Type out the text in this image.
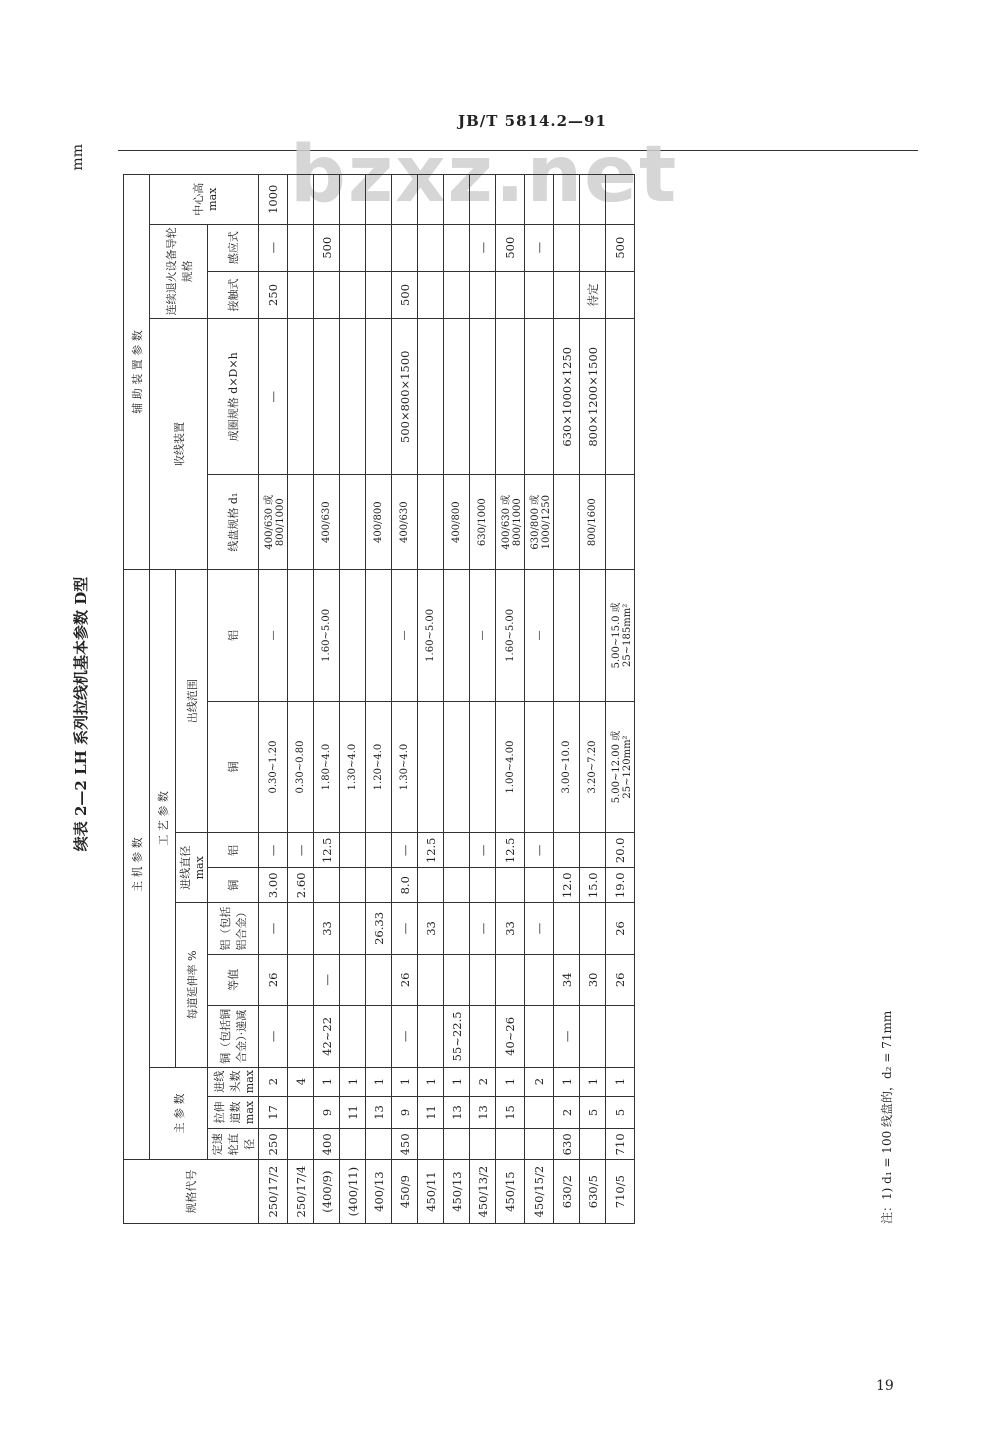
JB/T 5814.2—91
bzxz.net
续表 2—2 LH 系列拉线机基本参数 D型
mm
规格代号	主 机 参 数										辅 助 装 置 参 数				
	主 参 数			工 艺 参 数							收线装置		连续退火设备导轮规格		中心高 max
				每道延伸率 %			进线直径max		出线范围						
	定速轮直径	拉伸道数max	进线头数max	铜（包括铜合金）·递减	等值	铝（包括铝合金）	铜	铝	铜	铝	线盘规格 d₁	成圈规格 d×D×h	接触式	感应式	
250/17/2	250	17	2	—	26	—	3.00	—	0.30~1.20	—	400/630 或 800/1000	—	250	—	1000
250/17/4			4				2.60	—	0.30~0.80						
(400/9)	400	9	1	42~22	—	33		12.5	1.80~4.0	1.60~5.00	400/630			500	
(400/11)		11	1						1.30~4.0						
400/13		13	1			26.33			1.20~4.0		400/800				
450/9	450	9	1	—	26	—	8.0	—	1.30~4.0	—	400/630	500×800×1500	500		
450/11		11	1			33		12.5		1.60~5.00					
450/13		13	1	55~22.5							400/800				
450/13/2		13	2			—		—		—	630/1000			—	
450/15		15	1	40~26		33		12.5	1.00~4.00	1.60~5.00	400/630 或 800/1000			500	
450/15/2			2			—		—		—	630/800 或 1000/1250			—	
630/2	630	2	1	—	34		12.0		3.00~10.0			630×1000×1250			
630/5		5	1		30		15.0		3.20~7.20		800/1600	800×1200×1500	待定		
710/5	710	5	1		26	26	19.0	20.0	5.00~12.00 或 25~120mm²	5.00~15.0 或 25~185mm²				500	
注：1) d₁ = 100 线盘的，d₂ = 71mm
19
